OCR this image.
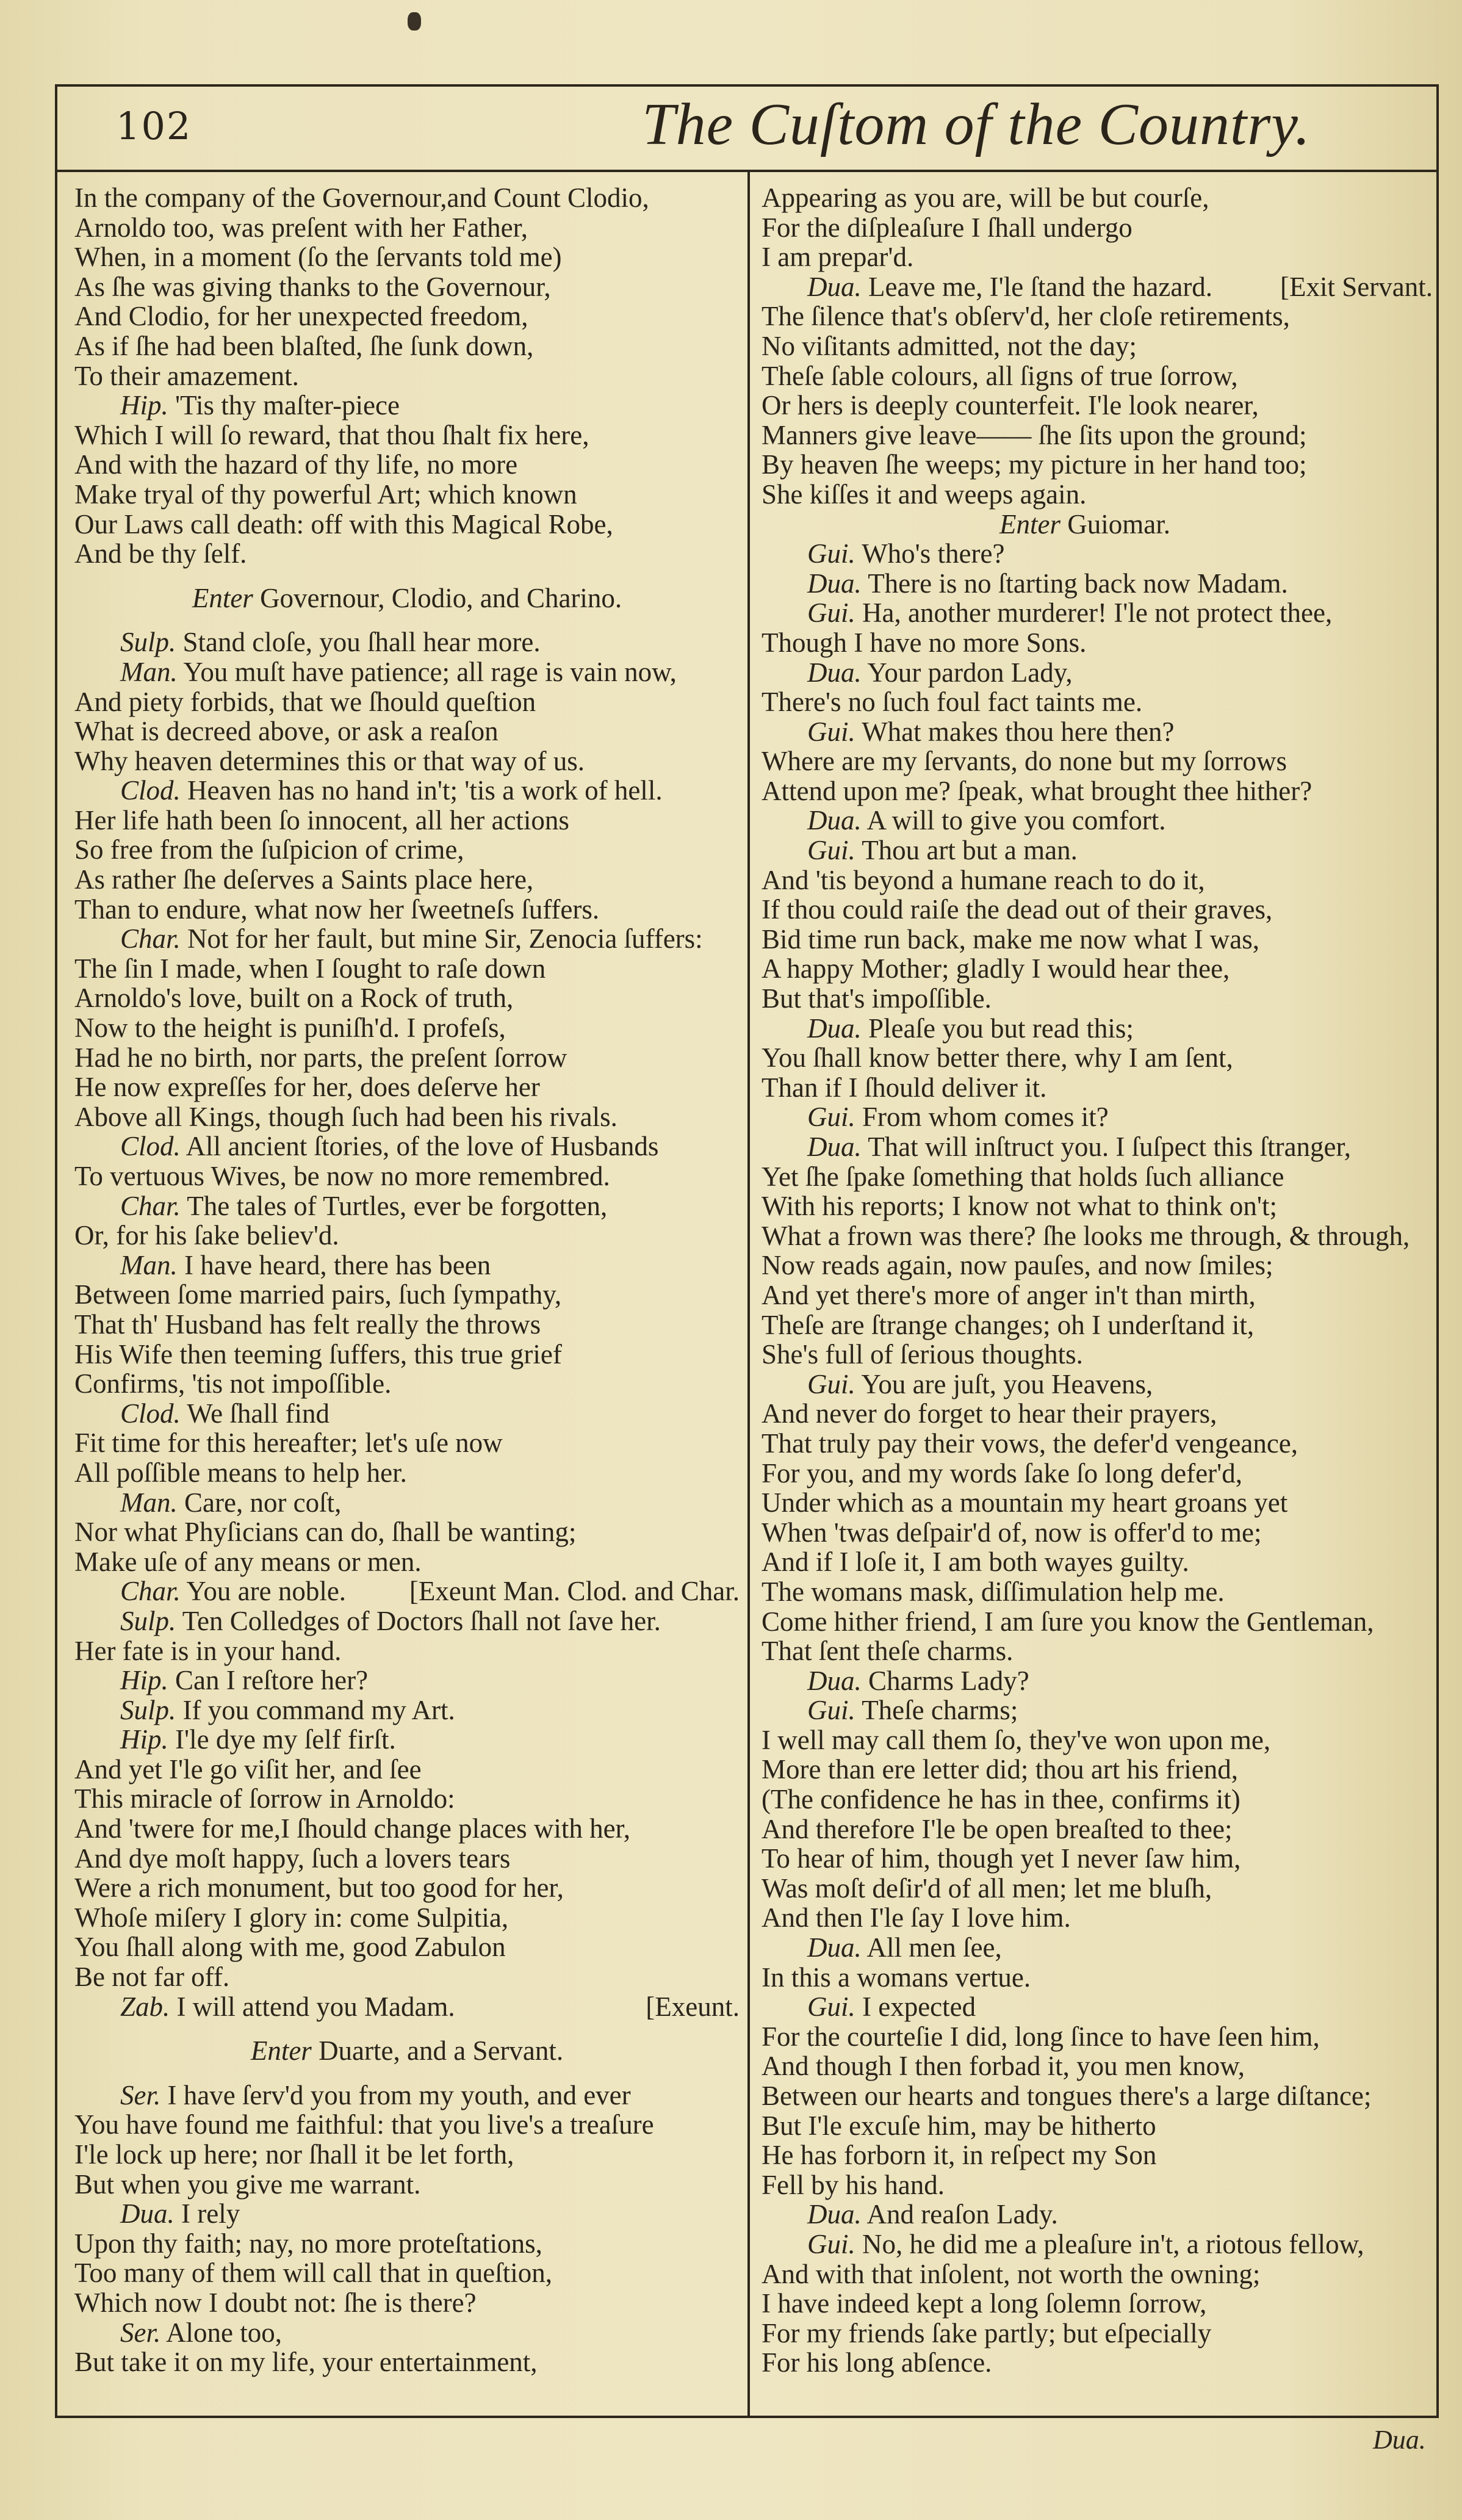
102	The Cuſtom of the Country.
In the company of the Governour,and Count Clodio,
Arnoldo too, was preſent with her Father,
When, in a moment (ſo the ſervants told me)
As ſhe was giving thanks to the Governour,
And Clodio, for her unexpected freedom,
As if ſhe had been blaſted, ſhe ſunk down,
To their amazement.
Hip. 'Tis thy maſter-piece
Which I will ſo reward, that thou ſhalt fix here,
And with the hazard of thy life, no more
Make tryal of thy powerful Art; which known
Our Laws call death: off with this Magical Robe,
And be thy ſelf.
Enter Governour, Clodio, and Charino.
Sulp. Stand cloſe, you ſhall hear more.
Man. You muſt have patience; all rage is vain now,
And piety forbids, that we ſhould queſtion
What is decreed above, or ask a reaſon
Why heaven determines this or that way of us.
Clod. Heaven has no hand in't; 'tis a work of hell.
Her life hath been ſo innocent, all her actions
So free from the ſuſpicion of crime,
As rather ſhe deſerves a Saints place here,
Than to endure, what now her ſweetneſs ſuffers.
Char. Not for her fault, but mine Sir, Zenocia ſuffers:
The ſin I made, when I ſought to raſe down
Arnoldo's love, built on a Rock of truth,
Now to the height is puniſh'd. I profeſs,
Had he no birth, nor parts, the preſent ſorrow
He now expreſſes for her, does deſerve her
Above all Kings, though ſuch had been his rivals.
Clod. All ancient ſtories, of the love of Husbands
To vertuous Wives, be now no more remembred.
Char. The tales of Turtles, ever be forgotten,
Or, for his ſake believ'd.
Man. I have heard, there has been
Between ſome married pairs, ſuch ſympathy,
That th' Husband has felt really the throws
His Wife then teeming ſuffers, this true grief
Confirms, 'tis not impoſſible.
Clod. We ſhall find
Fit time for this hereafter; let's uſe now
All poſſible means to help her.
Man. Care, nor coſt,
Nor what Phyſicians can do, ſhall be wanting;
Make uſe of any means or men.
Char. You are noble. [Exeunt Man. Clod. and Char.
Sulp. Ten Colledges of Doctors ſhall not ſave her.
Her fate is in your hand.
Hip. Can I reſtore her?
Sulp. If you command my Art.
Hip. I'le dye my ſelf firſt.
And yet I'le go viſit her, and ſee
This miracle of ſorrow in Arnoldo:
And 'twere for me,I ſhould change places with her,
And dye moſt happy, ſuch a lovers tears
Were a rich monument, but too good for her,
Whoſe miſery I glory in: come Sulpitia,
You ſhall along with me, good Zabulon
Be not far off.
Zab. I will attend you Madam.	[Exeunt.
Enter Duarte, and a Servant.
Ser. I have ſerv'd you from my youth, and ever
You have found me faithful: that you live's a treaſure
I'le lock up here; nor ſhall it be let forth,
But when you give me warrant.
Dua. I rely
Upon thy faith; nay, no more proteſtations,
Too many of them will call that in queſtion,
Which now I doubt not: ſhe is there?
Ser. Alone too,
But take it on my life, your entertainment,
Appearing as you are, will be but courſe,
For the diſpleaſure I ſhall undergo
I am prepar'd.
Dua. Leave me, I'le ſtand the hazard. [Exit Servant.
The ſilence that's obſerv'd, her cloſe retirements,
No viſitants admitted, not the day;
Theſe ſable colours, all ſigns of true ſorrow,
Or hers is deeply counterfeit. I'le look nearer,
Manners give leave—— ſhe ſits upon the ground;
By heaven ſhe weeps; my picture in her hand too;
She kiſſes it and weeps again.
Enter Guiomar.
Gui. Who's there?
Dua. There is no ſtarting back now Madam.
Gui. Ha, another murderer! I'le not protect thee,
Though I have no more Sons.
Dua. Your pardon Lady,
There's no ſuch foul fact taints me.
Gui. What makes thou here then?
Where are my ſervants, do none but my ſorrows
Attend upon me? ſpeak, what brought thee hither?
Dua. A will to give you comfort.
Gui. Thou art but a man.
And 'tis beyond a humane reach to do it,
If thou could raiſe the dead out of their graves,
Bid time run back, make me now what I was,
A happy Mother; gladly I would hear thee,
But that's impoſſible.
Dua. Pleaſe you but read this;
You ſhall know better there, why I am ſent,
Than if I ſhould deliver it.
Gui. From whom comes it?
Dua. That will inſtruct you. I ſuſpect this ſtranger,
Yet ſhe ſpake ſomething that holds ſuch alliance
With his reports; I know not what to think on't;
What a frown was there? ſhe looks me through, & through,
Now reads again, now pauſes, and now ſmiles;
And yet there's more of anger in't than mirth,
Theſe are ſtrange changes; oh I underſtand it,
She's full of ſerious thoughts.
Gui. You are juſt, you Heavens,
And never do forget to hear their prayers,
That truly pay their vows, the defer'd vengeance,
For you, and my words ſake ſo long defer'd,
Under which as a mountain my heart groans yet
When 'twas deſpair'd of, now is offer'd to me;
And if I loſe it, I am both wayes guilty.
The womans mask, diſſimulation help me.
Come hither friend, I am ſure you know the Gentleman,
That ſent theſe charms.
Dua. Charms Lady?
Gui. Theſe charms;
I well may call them ſo, they've won upon me,
More than ere letter did; thou art his friend,
(The confidence he has in thee, confirms it)
And therefore I'le be open breaſted to thee;
To hear of him, though yet I never ſaw him,
Was moſt deſir'd of all men; let me bluſh,
And then I'le ſay I love him.
Dua. All men ſee,
In this a womans vertue.
Gui. I expected
For the courteſie I did, long ſince to have ſeen him,
And though I then forbad it, you men know,
Between our hearts and tongues there's a large diſtance;
But I'le excuſe him, may be hitherto
He has forborn it, in reſpect my Son
Fell by his hand.
Dua. And reaſon Lady.
Gui. No, he did me a pleaſure in't, a riotous fellow,
And with that inſolent, not worth the owning;
I have indeed kept a long ſolemn ſorrow,
For my friends ſake partly; but eſpecially
For his long abſence.
Dua.
